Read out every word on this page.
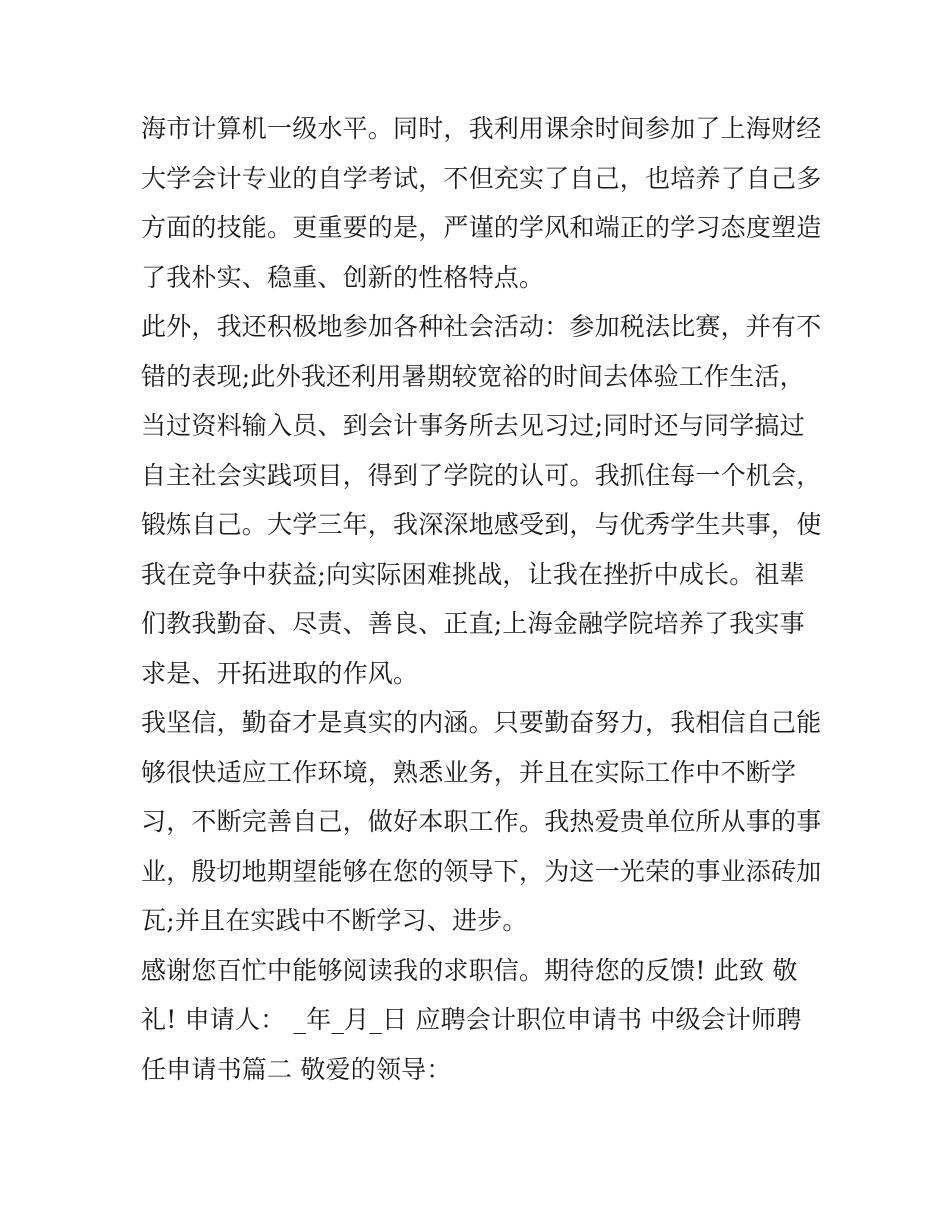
海市计算机一级水平。同时，我利用课余时间参加了上海财经
大学会计专业的自学考试，不但充实了自己，也培养了自己多
方面的技能。更重要的是，严谨的学风和端正的学习态度塑造
了我朴实、稳重、创新的性格特点。
此外，我还积极地参加各种社会活动：参加税法比赛，并有不
错的表现;此外我还利用暑期较宽裕的时间去体验工作生活，
当过资料输入员、到会计事务所去见习过;同时还与同学搞过
自主社会实践项目，得到了学院的认可。我抓住每一个机会，
锻炼自己。大学三年，我深深地感受到，与优秀学生共事，使
我在竞争中获益;向实际困难挑战，让我在挫折中成长。祖辈
们教我勤奋、尽责、善良、正直;上海金融学院培养了我实事
求是、开拓进取的作风。
我坚信，勤奋才是真实的内涵。只要勤奋努力，我相信自己能
够很快适应工作环境，熟悉业务，并且在实际工作中不断学
习，不断完善自己，做好本职工作。我热爱贵单位所从事的事
业，殷切地期望能够在您的领导下，为这一光荣的事业添砖加
瓦;并且在实践中不断学习、进步。
感谢您百忙中能够阅读我的求职信。期待您的反馈! 此致 敬
礼! 申请人： _年_月_日 应聘会计职位申请书 中级会计师聘
任申请书篇二 敬爱的领导：
